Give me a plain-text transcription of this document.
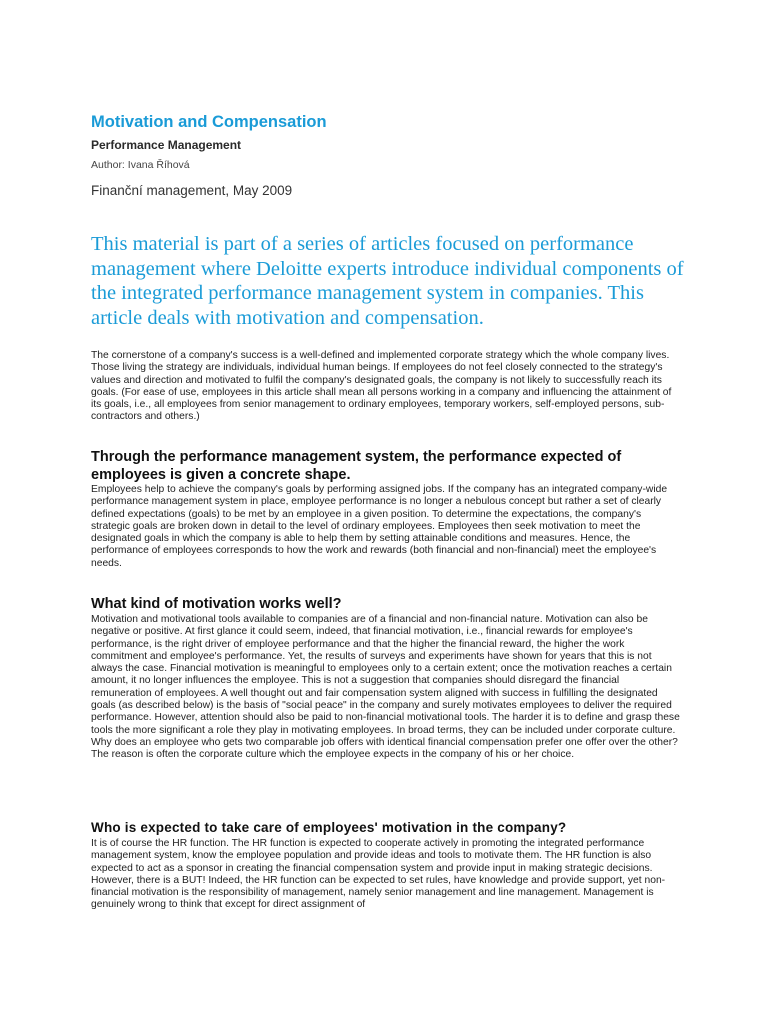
Motivation and Compensation

Performance Management

Author: Ivana Říhová

Finanční management, May 2009

This material is part of a series of articles focused on performance management where Deloitte experts introduce individual components of the integrated performance management system in companies. This article deals with motivation and compensation.

The cornerstone of a company's success is a well-defined and implemented corporate strategy which the whole company lives. Those living the strategy are individuals, individual human beings. If employees do not feel closely connected to the strategy's values and direction and motivated to fulfil the company's designated goals, the company is not likely to successfully reach its goals. (For ease of use, employees in this article shall mean all persons working in a company and influencing the attainment of its goals, i.e., all employees from senior management to ordinary employees, temporary workers, self-employed persons, sub-contractors and others.)

Through the performance management system, the performance expected of employees is given a concrete shape.

Employees help to achieve the company's goals by performing assigned jobs. If the company has an integrated company-wide performance management system in place, employee performance is no longer a nebulous concept but rather a set of clearly defined expectations (goals) to be met by an employee in a given position. To determine the expectations, the company's strategic goals are broken down in detail to the level of ordinary employees. Employees then seek motivation to meet the designated goals in which the company is able to help them by setting attainable conditions and measures. Hence, the performance of employees corresponds to how the work and rewards (both financial and non-financial) meet the employee's needs.

What kind of motivation works well?

Motivation and motivational tools available to companies are of a financial and non-financial nature. Motivation can also be negative or positive. At first glance it could seem, indeed, that financial motivation, i.e., financial rewards for employee's performance, is the right driver of employee performance and that the higher the financial reward, the higher the work commitment and employee's performance. Yet, the results of surveys and experiments have shown for years that this is not always the case. Financial motivation is meaningful to employees only to a certain extent; once the motivation reaches a certain amount, it no longer influences the employee. This is not a suggestion that companies should disregard the financial remuneration of employees. A well thought out and fair compensation system aligned with success in fulfilling the designated goals (as described below) is the basis of "social peace" in the company and surely motivates employees to deliver the required performance. However, attention should also be paid to non-financial motivational tools. The harder it is to define and grasp these tools the more significant a role they play in motivating employees. In broad terms, they can be included under corporate culture. Why does an employee who gets two comparable job offers with identical financial compensation prefer one offer over the other? The reason is often the corporate culture which the employee expects in the company of his or her choice.

Who is expected to take care of employees' motivation in the company?

It is of course the HR function. The HR function is expected to cooperate actively in promoting the integrated performance management system, know the employee population and provide ideas and tools to motivate them. The HR function is also expected to act as a sponsor in creating the financial compensation system and provide input in making strategic decisions. However, there is a BUT! Indeed, the HR function can be expected to set rules, have knowledge and provide support, yet non-financial motivation is the responsibility of management, namely senior management and line management. Management is genuinely wrong to think that except for direct assignment of
